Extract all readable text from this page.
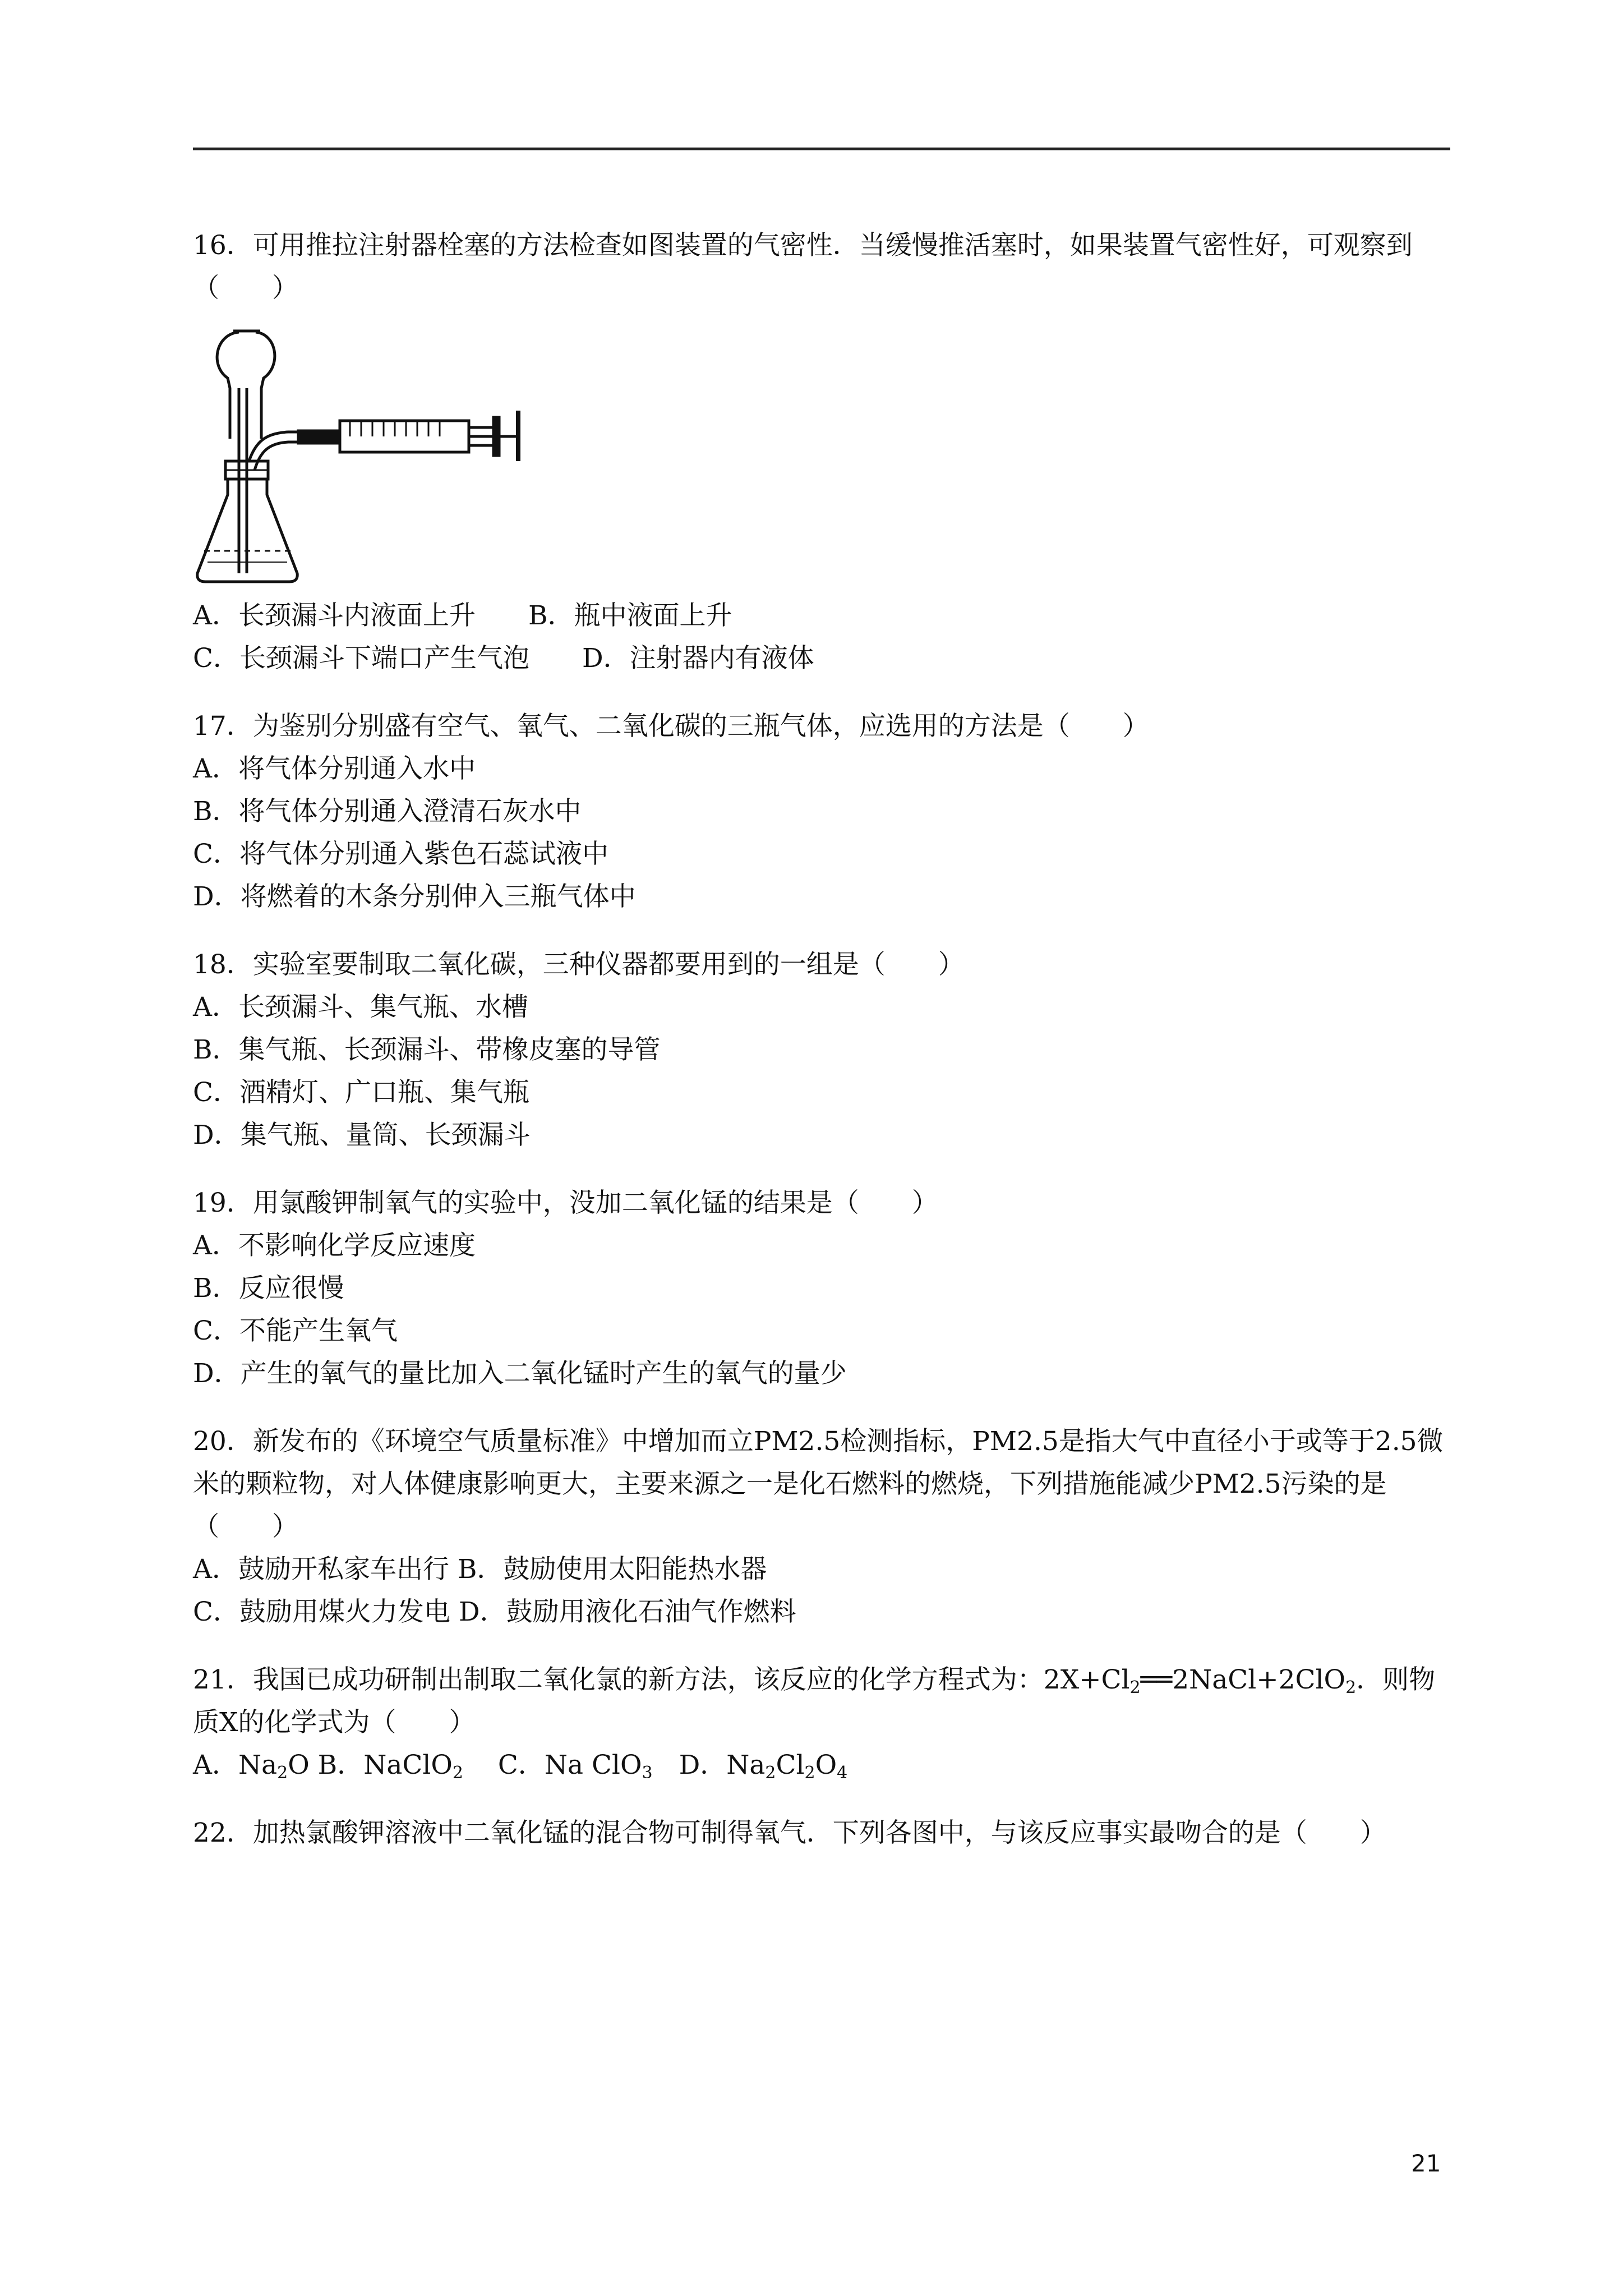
16．可用推拉注射器栓塞的方法检查如图装置的气密性．当缓慢推活塞时，如果装置气密性好，可观察到（　　）

A．长颈漏斗内液面上升　　B．瓶中液面上升

C．长颈漏斗下端口产生气泡　　D．注射器内有液体

17．为鉴别分别盛有空气、氧气、二氧化碳的三瓶气体，应选用的方法是（　　）

A．将气体分别通入水中

B．将气体分别通入澄清石灰水中

C．将气体分别通入紫色石蕊试液中

D．将燃着的木条分别伸入三瓶气体中

18．实验室要制取二氧化碳，三种仪器都要用到的一组是（　　）

A．长颈漏斗、集气瓶、水槽

B．集气瓶、长颈漏斗、带橡皮塞的导管

C．酒精灯、广口瓶、集气瓶

D．集气瓶、量筒、长颈漏斗

19．用氯酸钾制氧气的实验中，没加二氧化锰的结果是（　　）

A．不影响化学反应速度

B．反应很慢

C．不能产生氧气

D．产生的氧气的量比加入二氧化锰时产生的氧气的量少

20．新发布的《环境空气质量标准》中增加而立PM2.5检测指标，PM2.5是指大气中直径小于或等于2.5微米的颗粒物，对人体健康影响更大，主要来源之一是化石燃料的燃烧，下列措施能减少PM2.5污染的是（　　）

A．鼓励开私家车出行 B．鼓励使用太阳能热水器

C．鼓励用煤火力发电 D．鼓励用液化石油气作燃料

21．我国已成功研制出制取二氧化氯的新方法，该反应的化学方程式为：$2X+Cl_2══2NaCl+2ClO_2$．则物质X的化学式为（　　）

A．$Na_2O$ B．NaClO$_2$　 C．Na ClO$_3$　D．$Na_2Cl_2O_4$

22．加热氯酸钾溶液中二氧化锰的混合物可制得氧气．下列各图中，与该反应事实最吻合的是（　　）

21
